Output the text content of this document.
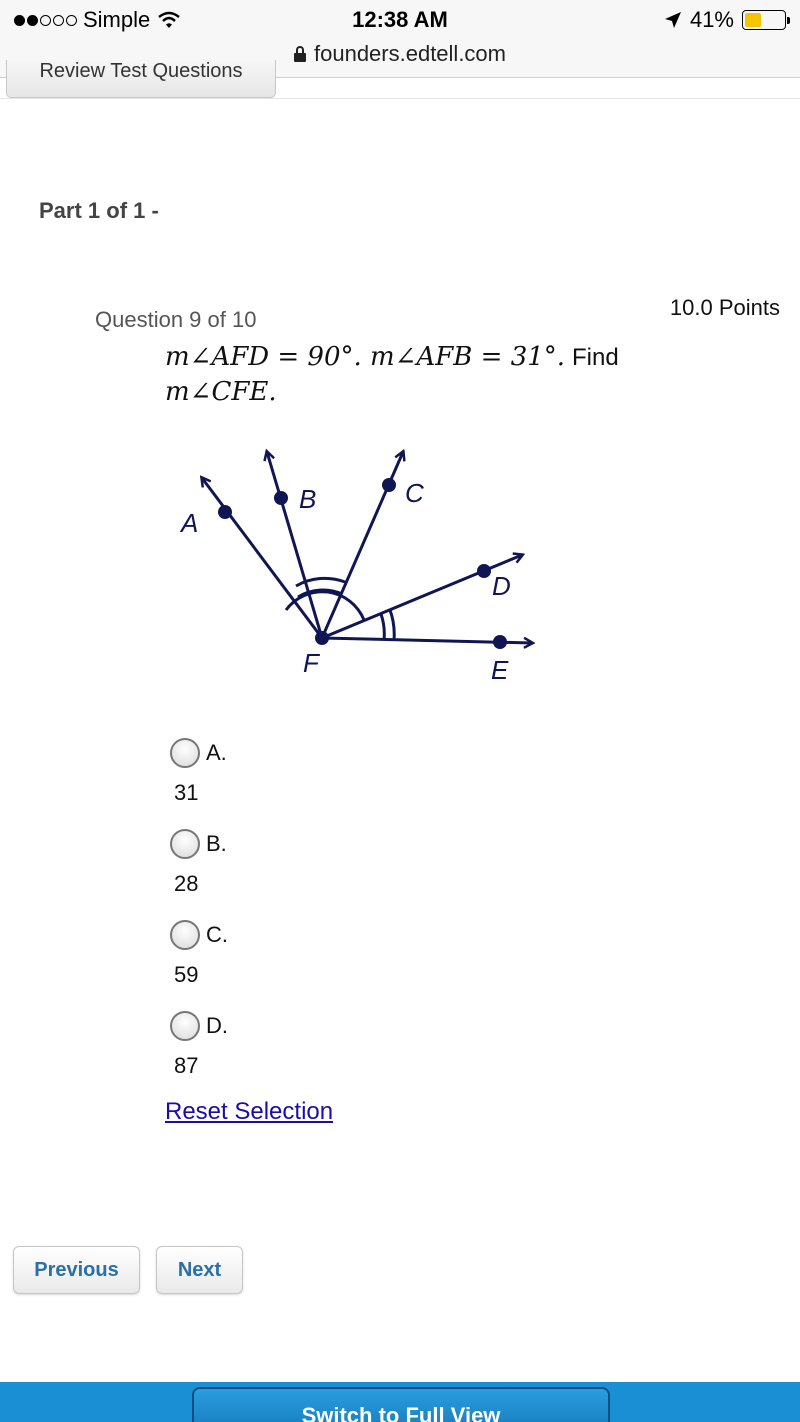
Simple	12:38 AM	41%
founders.edtell.com
Review Test Questions
Part 1 of 1 -
Question 9 of 10	10.0 Points
m∠AFD = 90°. m∠AFB = 31°. Find
m∠CFE.
A
B	C
D
E
F
A.
31
B.
28
C.
59
D.
87
Reset Selection
Previous	Next
Switch to Full View
